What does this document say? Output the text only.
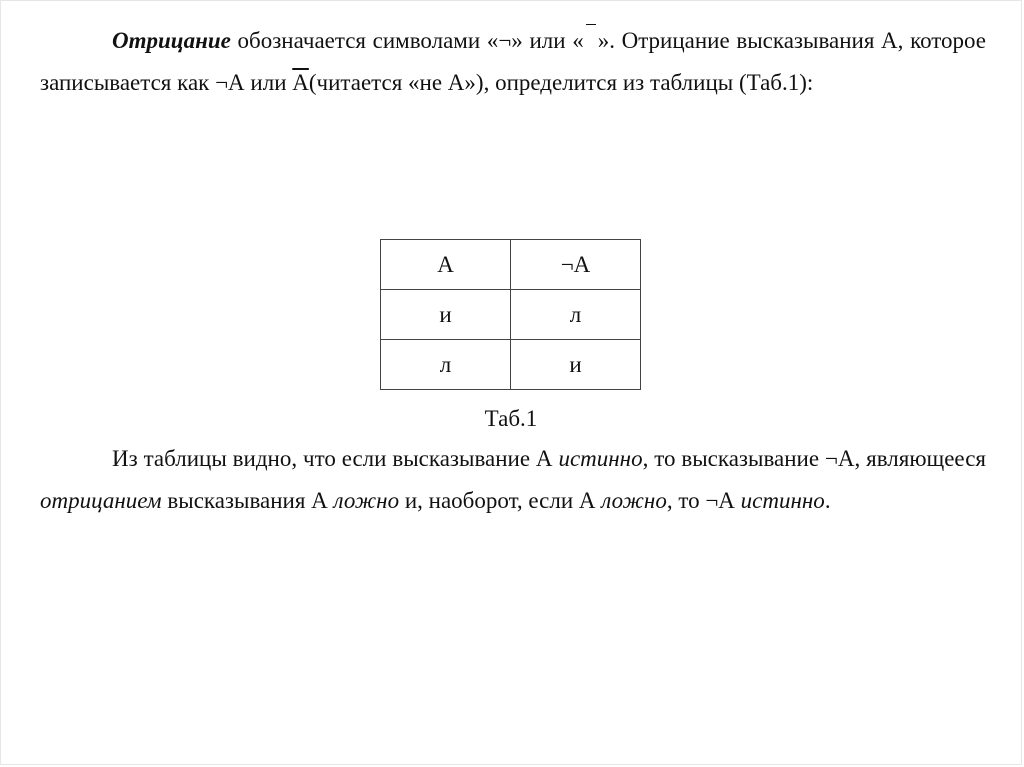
Отрицание обозначается символами «¬» или « ». Отрицание высказывания А, которое записывается как ¬А или А(читается «не А»), определится из таблицы (Таб.1):

А	¬А
и	л
л	и
Таб.1

Из таблицы видно, что если высказывание А истинно, то высказывание ¬А, являющееся отрицанием высказывания А ложно и, наоборот, если А ложно, то ¬А истинно.
